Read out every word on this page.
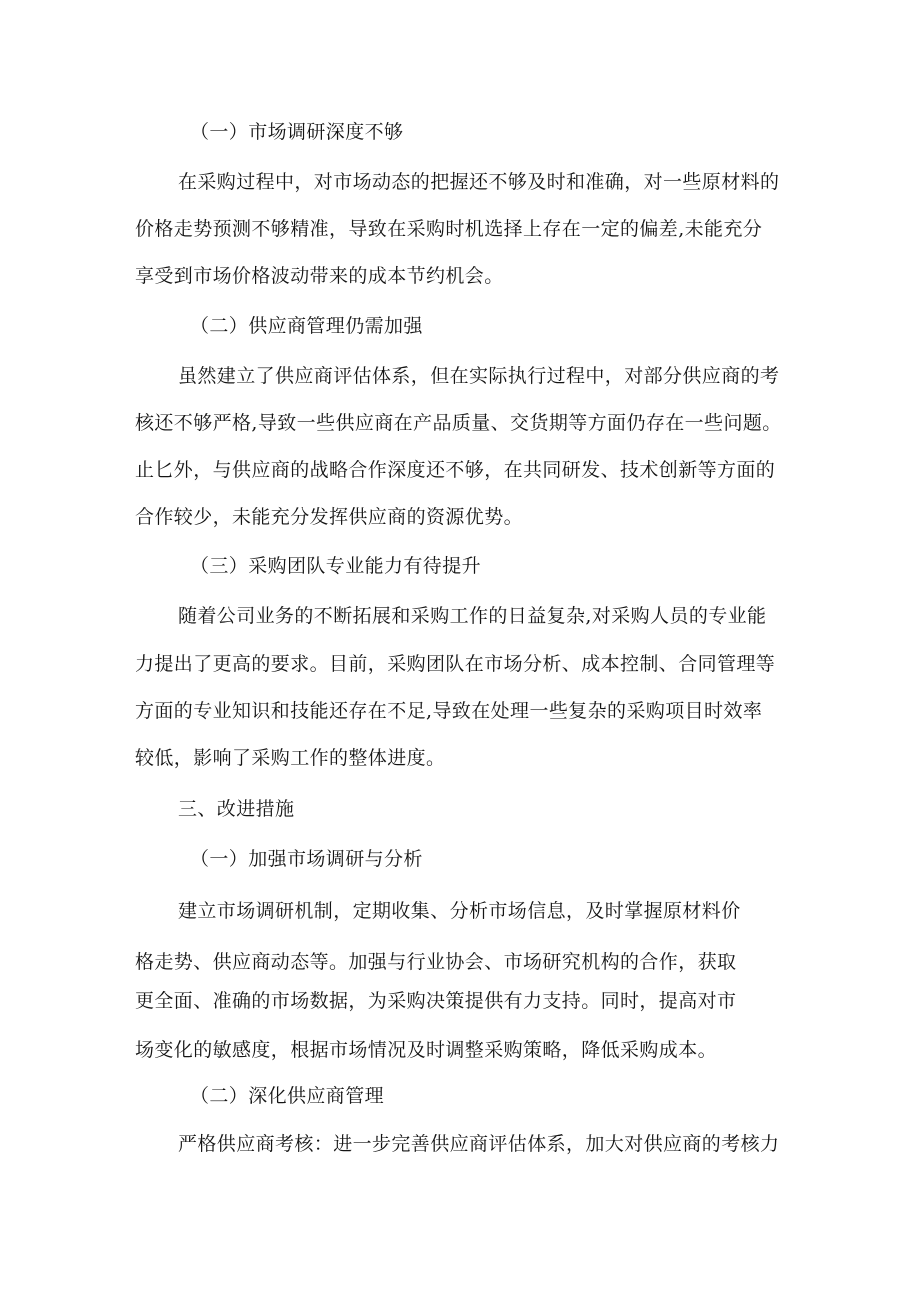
（一）市场调研深度不够

在采购过程中，对市场动态的把握还不够及时和准确，对一些原材料的

价格走势预测不够精准，导致在采购时机选择上存在一定的偏差,未能充分

享受到市场价格波动带来的成本节约机会。

（二）供应商管理仍需加强

虽然建立了供应商评估体系，但在实际执行过程中，对部分供应商的考

核还不够严格,导致一些供应商在产品质量、交货期等方面仍存在一些问题。

止匕外，与供应商的战略合作深度还不够，在共同研发、技术创新等方面的

合作较少，未能充分发挥供应商的资源优势。

（三）采购团队专业能力有待提升

随着公司业务的不断拓展和采购工作的日益复杂,对采购人员的专业能

力提出了更高的要求。目前，采购团队在市场分析、成本控制、合同管理等

方面的专业知识和技能还存在不足,导致在处理一些复杂的采购项目时效率

较低，影响了采购工作的整体进度。

三、改进措施

（一）加强市场调研与分析

建立市场调研机制，定期收集、分析市场信息，及时掌握原材料价

格走势、供应商动态等。加强与行业协会、市场研究机构的合作，获取

更全面、准确的市场数据，为采购决策提供有力支持。同时，提高对市

场变化的敏感度，根据市场情况及时调整采购策略，降低采购成本。

（二）深化供应商管理

严格供应商考核：进一步完善供应商评估体系，加大对供应商的考核力
